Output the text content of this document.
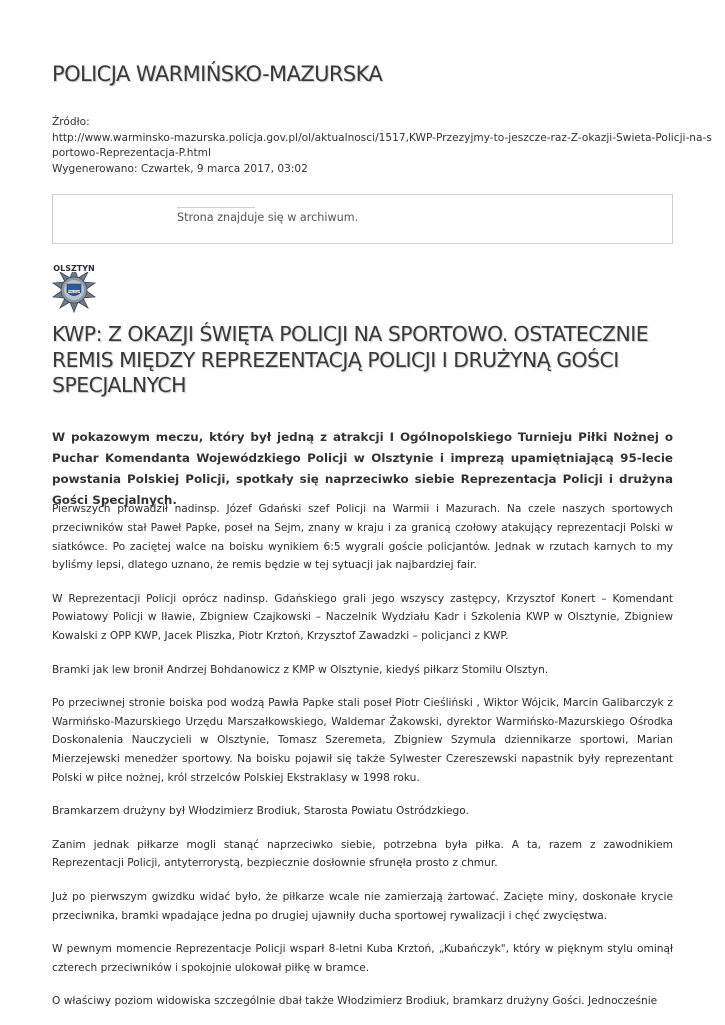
POLICJA WARMIŃSKO-MAZURSKA
Źródło:
http://www.warminsko-mazurska.policja.gov.pl/ol/aktualnosci/1517,KWP-Przezyjmy-to-jeszcze-raz-Z-okazji-Swieta-Policji-na-s
portowo-Reprezentacja-P.html
Wygenerowano: Czwartek, 9 marca 2017, 03:02
Strona znajduje się w archiwum.
POLICJA
OLSZTYN
KWP: Z OKAZJI ŚWIĘTA POLICJI NA SPORTOWO. OSTATECZNIE REMIS MIĘDZY REPREZENTACJĄ POLICJI I DRUŻYNĄ GOŚCI SPECJALNYCH

W pokazowym meczu, który był jedną z atrakcji I Ogólnopolskiego Turnieju Piłki Nożnej o Puchar Komendanta Wojewódzkiego Policji w Olsztynie i imprezą upamiętniającą 95-lecie powstania Polskiej Policji, spotkały się naprzeciwko siebie Reprezentacja Policji i drużyna Gości Specjalnych.

Pierwszych prowadził nadinsp. Józef Gdański szef Policji na Warmii i Mazurach. Na czele naszych sportowych przeciwników stał Paweł Papke, poseł na Sejm, znany w kraju i za granicą czołowy atakujący reprezentacji Polski w siatkówce. Po zaciętej walce na boisku wynikiem 6:5 wygrali goście policjantów. Jednak w rzutach karnych to my byliśmy lepsi, dlatego uznano, że remis będzie w tej sytuacji jak najbardziej fair.

W Reprezentacji Policji oprócz nadinsp. Gdańskiego grali jego wszyscy zastępcy, Krzysztof Konert – Komendant Powiatowy Policji w Iławie, Zbigniew Czajkowski – Naczelnik Wydziału Kadr i Szkolenia KWP w Olsztynie, Zbigniew Kowalski z OPP KWP, Jacek Pliszka, Piotr Krztoń, Krzysztof Zawadzki – policjanci z KWP.

Bramki jak lew bronił Andrzej Bohdanowicz z KMP w Olsztynie, kiedyś piłkarz Stomilu Olsztyn.

Po przeciwnej stronie boiska pod wodzą Pawła Papke stali poseł Piotr Cieśliński , Wiktor Wójcik, Marcin Galibarczyk z Warmińsko-Mazurskiego Urzędu Marszałkowskiego, Waldemar Żakowski, dyrektor Warmińsko-Mazurskiego Ośrodka Doskonalenia Nauczycieli w Olsztynie, Tomasz Szeremeta, Zbigniew Szymula dziennikarze sportowi, Marian Mierzejewski menedżer sportowy. Na boisku pojawił się także Sylwester Czereszewski napastnik były reprezentant Polski w piłce nożnej, król strzelców Polskiej Ekstraklasy w 1998 roku.

Bramkarzem drużyny był Włodzimierz Brodiuk, Starosta Powiatu Ostródzkiego.

Zanim jednak piłkarze mogli stanąć naprzeciwko siebie, potrzebna była piłka. A ta, razem z zawodnikiem Reprezentacji Policji, antyterrorystą, bezpiecznie dosłownie sfrunęła prosto z chmur.

Już po pierwszym gwizdku widać było, że piłkarze wcale nie zamierzają żartować. Zacięte miny, doskonałe krycie przeciwnika, bramki wpadające jedna po drugiej ujawniły ducha sportowej rywalizacji i chęć zwycięstwa.

W pewnym momencie Reprezentacje Policji wsparł 8-letni Kuba Krztoń, „Kubańczyk", który w pięknym stylu ominął czterech przeciwników i spokojnie ulokował piłkę w bramce.

O właściwy poziom widowiska szczególnie dbał także Włodzimierz Brodiuk, bramkarz drużyny Gości. Jednocześnie
